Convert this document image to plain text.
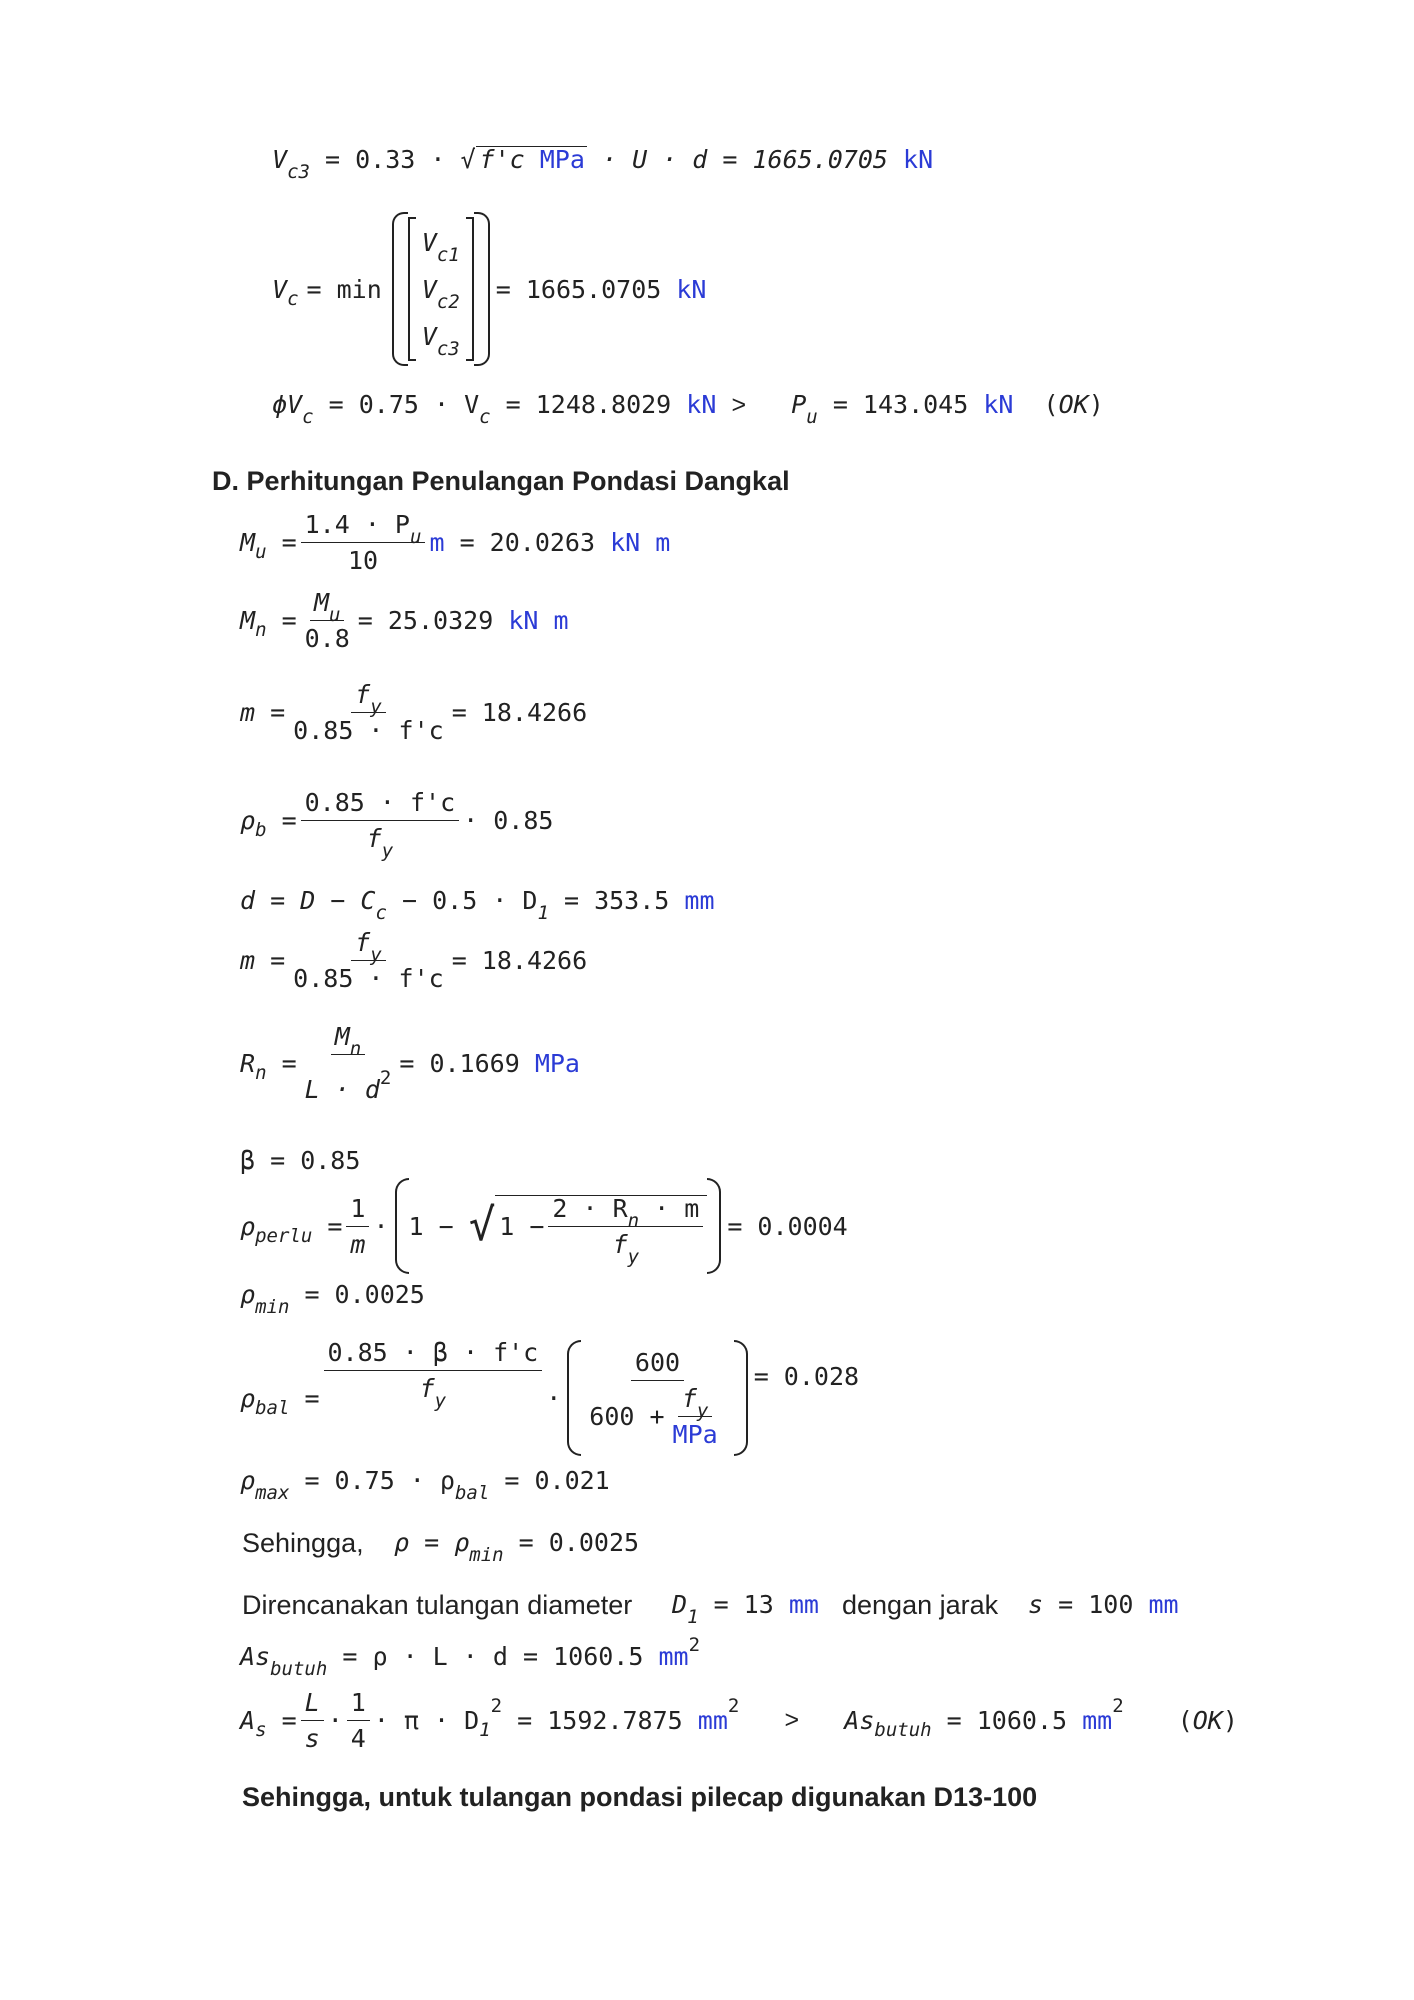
$V_{c3} = 0.33$ · √ f'c MPa · U · d = 1665.0705 kN
V c = min
$V_{c1}$
$V_{c2}$
$V_{c3}$
= 1665.0705
kN
$\phi V_c = 0.75 \cdot V_c = 1248.8029$ kN > $P_u = 143.045$ kN  (OK)
D. Perhitungan Penulangan Pondasi Dangkal
M $u = \frac{1.4 \cdot P_u}{10}$ m
= 20.0263
kN m
M $n = \frac{M_u}{0.8} = 25.0329$
kN m
$m = \frac{f_y}{0.85 \cdot f'c} = 18.4266$
ρ $b = \frac{0.85 \cdot f'c}{f_y} \cdot 0.85$
$d = D - C_c - 0.5 \cdot D_1 = 353.5$ mm
$m = \frac{f_y}{0.85 \cdot f'c} = 18.4266$
R $n = \frac{M_n}{L \cdot d^2} = 0.1669$
MPa
β = 0.85
ρ perlu = $\frac{1}{m} \cdot 1$ −
√ $1 - \frac{2 \cdot R_n \cdot m}{f_y} = 0.0004$
$\rho_{min} = 0.0025$
ρ bal = $\frac{0.85 \cdot \beta \cdot f'c}{f_y} \cdot \frac{600}{600 + \frac{f_y}{\text{MPa}}} = 0.028$
$\rho_{max} = 0.75 \cdot \rho_{bal} = 0.021$
Sehingga, $\rho = \rho_{min} = 0.0025$
Direncanakan tulangan diameter $D_1 = 13$ mm dengan jarak s = 100 mm
$As_{butuh} = \rho \cdot L \cdot d = 1060.5$ $mm^2$
A $s = \frac{L}{s} \cdot \frac{1}{4} \cdot \pi \cdot D$ 1
2
= 1592.7875
mm 2
>
As butuh
= 1060.5
mm 2 (OK)
Sehingga, untuk tulangan pondasi pilecap digunakan D13-100
